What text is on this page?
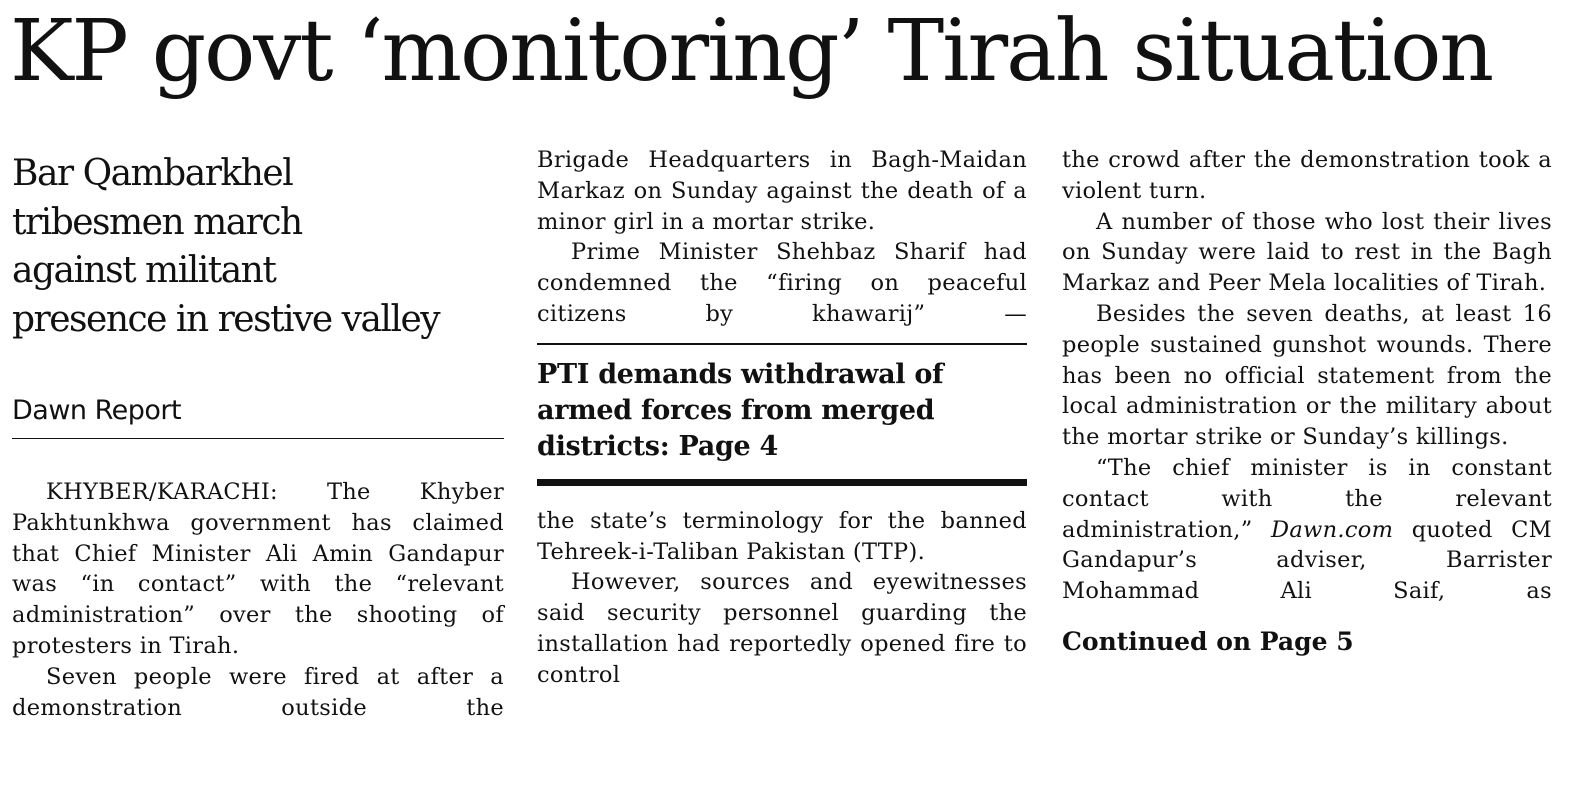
KP govt ‘monitoring’ Tirah situation
Bar Qambarkhel
tribesmen march
against militant
presence in restive valley
Dawn Report

KHYBER/KARACHI: The Khyber Pakhtunkhwa government has claimed that Chief Minister Ali Amin Gandapur was “in contact” with the “relevant administration” over the shooting of protesters in Tirah.

Seven people were fired at after a demonstration outside the

Brigade Headquarters in Bagh-Maidan Markaz on Sunday against the death of a minor girl in a mortar strike.

Prime Minister Shehbaz Sharif had condemned the “firing on peaceful citizens by khawarij” —

PTI demands withdrawal of armed forces from merged districts: Page 4

the state’s terminology for the banned Tehreek-i-Taliban Pakistan (TTP).

However, sources and eyewitnesses said security personnel guarding the installation had reportedly opened fire to control

the crowd after the demonstration took a violent turn.

A number of those who lost their lives on Sunday were laid to rest in the Bagh Markaz and Peer Mela localities of Tirah.

Besides the seven deaths, at least 16 people sustained gunshot wounds. There has been no official statement from the local administration or the military about the mortar strike or Sunday’s killings.

“The chief minister is in constant contact with the relevant administration,” Dawn.com quoted CM Gandapur’s adviser, Barrister Mohammad Ali Saif, as

Continued on Page 5
